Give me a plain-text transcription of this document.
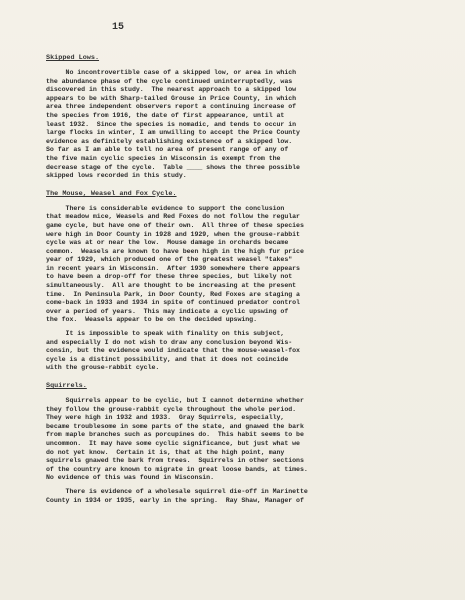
15

Skipped Lows.

No incontrovertible case of a skipped low, or area in which
the abundance phase of the cycle continued uninterruptedly, was
discovered in this study.  The nearest approach to a skipped low
appears to be with Sharp-tailed Grouse in Price County, in which
area three independent observers report a continuing increase of
the species from 1916, the date of first appearance, until at
least 1932.  Since the species is nomadic, and tends to occur in
large flocks in winter, I am unwilling to accept the Price County
evidence as definitely establishing existence of a skipped low.
So far as I am able to tell no area of present range of any of
the five main cyclic species in Wisconsin is exempt from the
decrease stage of the cycle.  Table ____ shows the three possible
skipped lows recorded in this study.

The Mouse, Weasel and Fox Cycle.

There is considerable evidence to support the conclusion
that meadow mice, Weasels and Red Foxes do not follow the regular
game cycle, but have one of their own.  All three of these species
were high in Door County in 1928 and 1929, when the grouse-rabbit
cycle was at or near the low.  Mouse damage in orchards became
common.  Weasels are known to have been high in the high fur price
year of 1929, which produced one of the greatest weasel "takes"
in recent years in Wisconsin.  After 1930 somewhere there appears
to have been a drop-off for these three species, but likely not
simultaneously.  All are thought to be increasing at the present
time.  In Peninsula Park, in Door County, Red Foxes are staging a
come-back in 1933 and 1934 in spite of continued predator control
over a period of years.  This may indicate a cyclic upswing of
the fox.  Weasels appear to be on the decided upswing.

It is impossible to speak with finality on this subject,
and especially I do not wish to draw any conclusion beyond Wis-
consin, but the evidence would indicate that the mouse-weasel-fox
cycle is a distinct possibility, and that it does not coincide
with the grouse-rabbit cycle.

Squirrels.

Squirrels appear to be cyclic, but I cannot determine whether
they follow the grouse-rabbit cycle throughout the whole period.
They were high in 1932 and 1933.  Gray Squirrels, especially,
became troublesome in some parts of the state, and gnawed the bark
from maple branches such as porcupines do.  This habit seems to be
uncommon.  It may have some cyclic significance, but just what we
do not yet know.  Certain it is, that at the high point, many
squirrels gnawed the bark from trees.  Squirrels in other sections
of the country are known to migrate in great loose bands, at times.
No evidence of this was found in Wisconsin.

There is evidence of a wholesale squirrel die-off in Marinette
County in 1934 or 1935, early in the spring.  Ray Shaw, Manager of
